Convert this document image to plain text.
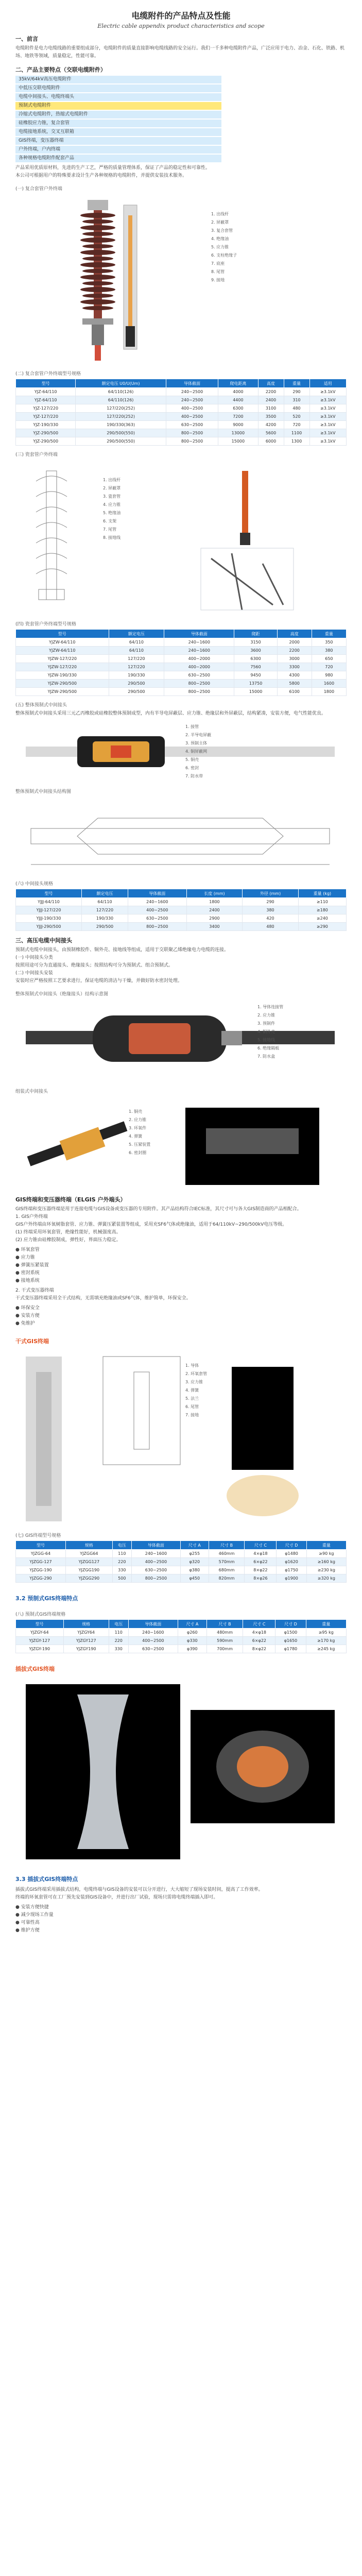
电缆附件的产品特点及性能
Electric cable appendix product characteristics and scope
一、前言
电缆附件是电力电缆线路的重要组成部分，电缆附件的质量直接影响电缆线路的安全运行。我们一千多种电缆附件产品，广泛应用于电力、冶金、石化、铁路、机场、地铁等领域，质量稳定，性能可靠。
二、产品主要特点（交联电缆附件）
35kV/64kV高压电缆附件
中低压交联电缆附件
电缆中间接头、电缆终端头
预制式电缆附件
冷缩式电缆附件，热缩式电缆附件
硅橡胶应力锥，复合套管
电缆接地系统，交叉互联箱
GIS终端，变压器终端
户外终端，户内终端
各种规格电缆附件配套产品
产品采用优质原材料，先进的生产工艺，严格的质量管理体系，保证了产品的稳定性和可靠性。
本公司可根据用户的特殊要求设计生产各种规格的电缆附件，并提供安装技术服务。
(一) 复合套管户外终端
1. 出线杆
2. 屏蔽罩
3. 复合套管
4. 绝缘油
5. 应力锥
6. 支柱绝缘子
7. 底座
8. 尾管
9. 接地
(二) 复合套管户外终端型号规格
型号	额定电压 U0/U(Um)	导体截面	爬电距离	高度	重量	适用
YJZ-64/110	64/110(126)	240~2500	4000	2200	290	≥3.1kV
YJZ-64/110	64/110(126)	240~2500	4400	2400	310	≥3.1kV
YJZ-127/220	127/220(252)	400~2500	6300	3100	480	≥3.1kV
YJZ-127/220	127/220(252)	400~2500	7200	3500	520	≥3.1kV
YJZ-190/330	190/330(363)	630~2500	9000	4200	720	≥3.1kV
YJZ-290/500	290/500(550)	800~2500	13000	5600	1100	≥3.1kV
YJZ-290/500	290/500(550)	800~2500	15000	6000	1300	≥3.1kV
(三) 瓷套管户外终端
1. 出线杆
2. 屏蔽罩
3. 瓷套管
4. 应力锥
5. 绝缘油
6. 支架
7. 尾管
8. 接地线
(四) 瓷套管户外终端型号规格
型号	额定电压	导体截面	爬距	高度	重量
YJZW-64/110	64/110	240~1600	3150	2000	350
YJZW-64/110	64/110	240~1600	3600	2200	380
YJZW-127/220	127/220	400~2000	6300	3000	650
YJZW-127/220	127/220	400~2000	7560	3300	720
YJZW-190/330	190/330	630~2500	9450	4300	980
YJZW-290/500	290/500	800~2500	13750	5800	1600
YJZW-290/500	290/500	800~2500	15000	6100	1800
(五) 整体预制式中间接头
整体预制式中间接头采用三元乙丙橡胶或硅橡胶整体预制成型，内有半导电屏蔽层、应力锥、绝缘层和外屏蔽层，结构紧凑，安装方便，电气性能优良。
1. 接管
2. 半导电屏蔽
3. 预制主体
4. 铜屏蔽网
5. 铜壳
6. 密封
7. 防水带
整体预制式中间接头结构图
(六) 中间接头规格
型号	额定电压	导体截面	长度 (mm)	外径 (mm)	重量 (kg)
YJJJ-64/110	64/110	240~1600	1800	290	≥110
YJJJ-127/220	127/220	400~2500	2400	380	≥180
YJJJ-190/330	190/330	630~2500	2900	420	≥240
YJJJ-290/500	290/500	800~2500	3400	480	≥290
三、高压电缆中间接头
预制式电缆中间接头，由预制橡胶件、铜外壳、接地线等组成，适用于交联聚乙烯绝缘电力电缆的连接。
(一) 中间接头分类
按照用途可分为直通接头、绝缘接头；按照结构可分为预制式、组合预制式。
(二) 中间接头安装
安装时应严格按照工艺要求进行，保证电缆的清洁与干燥，并做好防水密封处理。
整体预制式中间接头（绝缘接头）结构示意图
1. 导体连接管
2. 应力锥
3. 预制件
4. 铜外壳
5. 接地线
6. 绝缘隔板
7. 防水盒
组装式中间接头
1. 铜壳
2. 应力锥
3. 环氧件
4. 弹簧
5. 压紧装置
6. 密封圈
GIS终端和变压器终端（ELGIS 户外端头）
GIS终端和变压器终端是用于连接电缆与GIS设备或变压器的专用附件。其产品结构符合IEC标准，其尺寸可与各大GIS制造商的产品相配合。
1. GIS户外终端
GIS户外终端由环氧树脂套管、应力锥、弹簧压紧装置等组成，采用充SF6气体或绝缘油，适用于64/110kV~290/500kV电压等级。
(1) 终端采用环氧套管，绝缘性能好，机械强度高。
(2) 应力锥由硅橡胶制成，弹性好，界面压力稳定。
● 环氧套管
● 应力锥
● 弹簧压紧装置
● 密封系统
● 接地系统
2. 干式变压器终端
干式变压器终端采用全干式结构，无需填充绝缘油或SF6气体，维护简单，环保安全。
● 环保安全
● 安装方便
● 免维护
干式GIS终端
1. 导体
2. 环氧套管
3. 应力锥
4. 弹簧
5. 法兰
6. 尾管
7. 接地
(七) GIS终端型号规格
型号	规格	电压	导体截面	尺寸 A	尺寸 B	尺寸 C	尺寸 D	重量
YJZGG-64	YJZGG64	110	240~1600	φ255	460mm	4×φ18	φ1480	≥90 kg
YJZGG-127	YJZGG127	220	400~2500	φ320	570mm	6×φ22	φ1620	≥160 kg
YJZGG-190	YJZGG190	330	630~2500	φ380	680mm	8×φ22	φ1750	≥230 kg
YJZGG-290	YJZGG290	500	800~2500	φ450	820mm	8×φ26	φ1900	≥320 kg
3.2 预制式GIS终端特点
(八) 预制式GIS终端规格
型号	规格	电压	导体截面	尺寸 A	尺寸 B	尺寸 C	尺寸 D	重量
YJZGY-64	YJZGY64	110	240~1600	φ260	480mm	4×φ18	φ1500	≥95 kg
YJZGY-127	YJZGY127	220	400~2500	φ330	590mm	6×φ22	φ1650	≥170 kg
YJZGY-190	YJZGY190	330	630~2500	φ390	700mm	8×φ22	φ1780	≥245 kg
插拔式GIS终端
3.3 插拔式GIS终端特点
插拔式GIS终端采用插拔式结构，电缆终端与GIS设备的安装可以分开进行，大大缩短了现场安装时间，提高了工作效率。
终端的环氧套管可在工厂预先安装到GIS设备中，并进行出厂试验，现场只需将电缆终端插入即可。
● 安装方便快捷
● 减少现场工作量
● 可靠性高
● 维护方便
